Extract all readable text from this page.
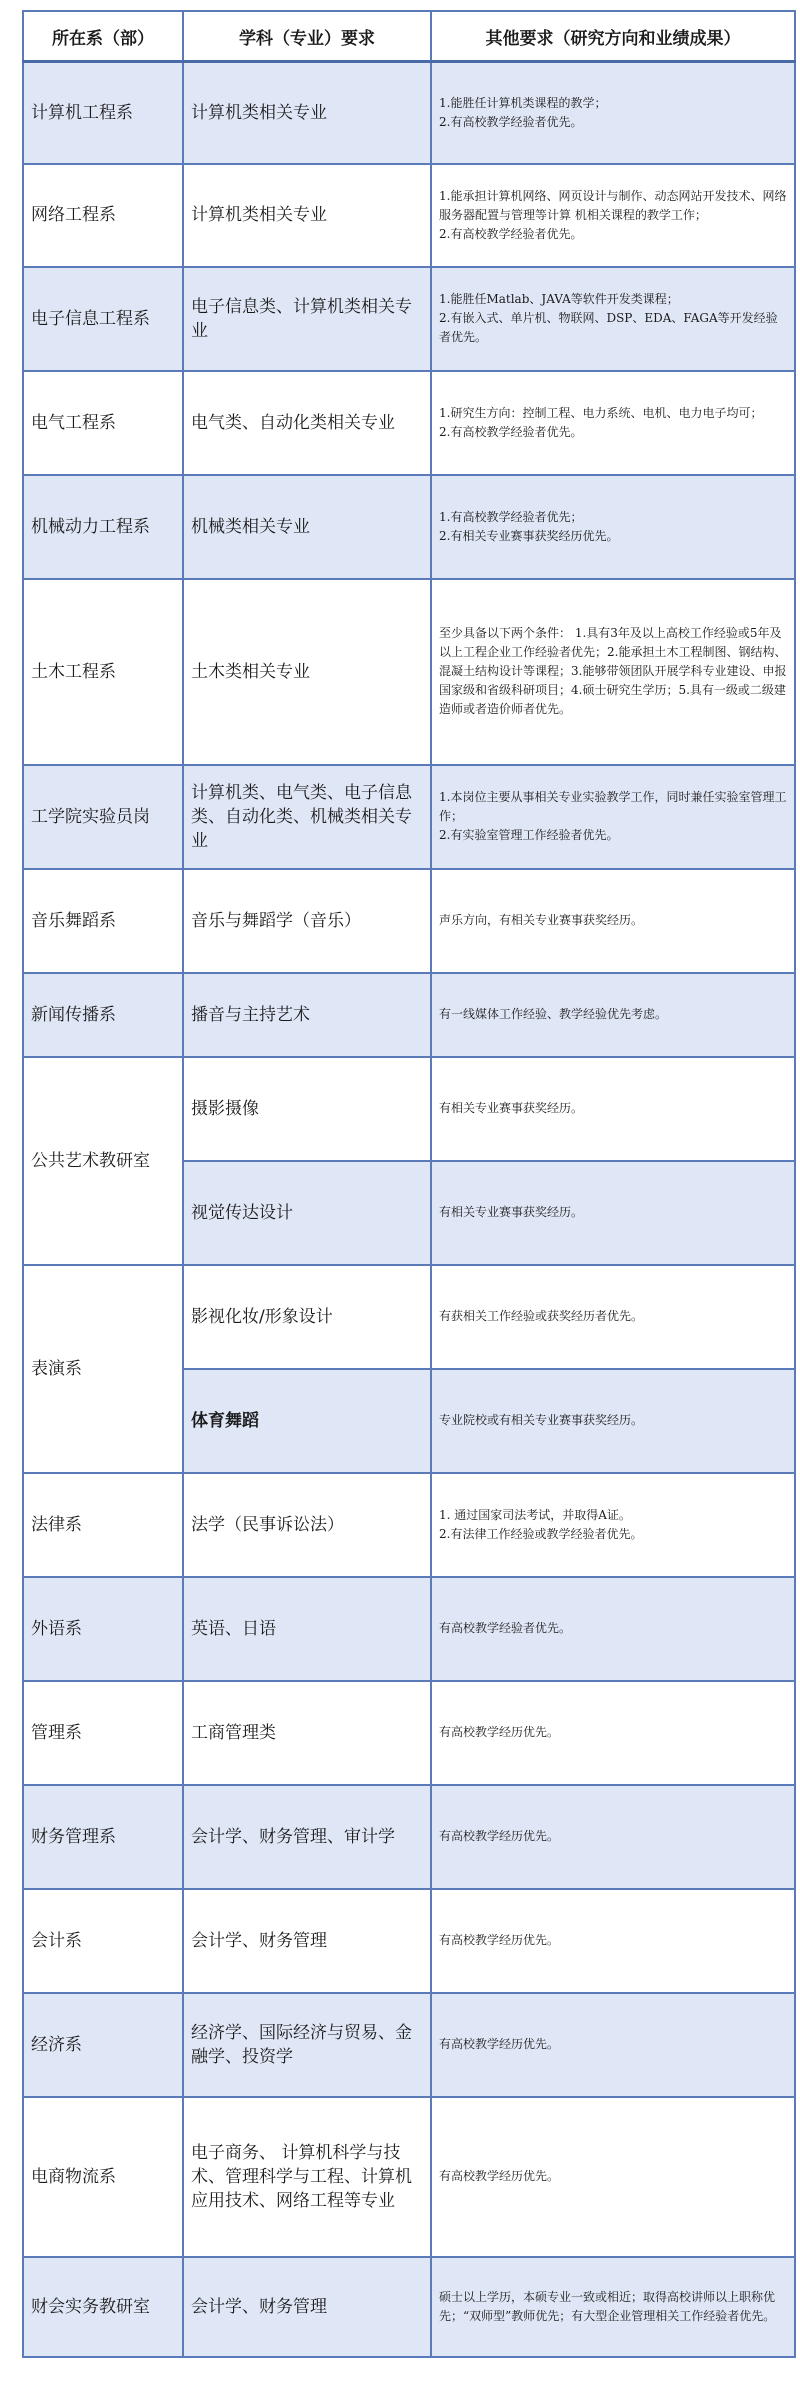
所在系（部）	学科（专业）要求	其他要求（研究方向和业绩成果）
计算机工程系	计算机类相关专业	1.能胜任计算机类课程的教学；
2.有高校教学经验者优先。

网络工程系	计算机类相关专业	1.能承担计算机网络、网页设计与制作、动态网站开发技术、网络服务器配置与管理等计算 机相关课程的教学工作；
2.有高校教学经验者优先。

电子信息工程系	电子信息类、计算机类相关专业	1.能胜任Matlab、JAVA等软件开发类课程；
2.有嵌入式、单片机、物联网、DSP、EDA、FAGA等开发经验者优先。

电气工程系	电气类、自动化类相关专业	1.研究生方向：控制工程、电力系统、电机、电力电子均可；
2.有高校教学经验者优先。

机械动力工程系	机械类相关专业	1.有高校教学经验者优先；
2.有相关专业赛事获奖经历优先。

土木工程系	土木类相关专业	至少具备以下两个条件： 1.具有3年及以上高校工作经验或5年及以上工程企业工作经验者优先；2.能承担土木工程制图、钢结构、混凝土结构设计等课程；3.能够带领团队开展学科专业建设、申报国家级和省级科研项目；4.硕士研究生学历；5.具有一级或二级建造师或者造价师者优先。

工学院实验员岗	计算机类、电气类、电子信息类、自动化类、机械类相关专业	1.本岗位主要从事相关专业实验教学工作，同时兼任实验室管理工作；
2.有实验室管理工作经验者优先。

音乐舞蹈系	音乐与舞蹈学（音乐）	声乐方向，有相关专业赛事获奖经历。

新闻传播系	播音与主持艺术	有一线媒体工作经验、教学经验优先考虑。

公共艺术教研室	摄影摄像	有相关专业赛事获奖经历。

	视觉传达设计	有相关专业赛事获奖经历。

表演系	影视化妆/形象设计	有获相关工作经验或获奖经历者优先。

	体育舞蹈	专业院校或有相关专业赛事获奖经历。

法律系	法学（民事诉讼法）	1. 通过国家司法考试，并取得A证。
2.有法律工作经验或教学经验者优先。

外语系	英语、日语	有高校教学经验者优先。

管理系	工商管理类	有高校教学经历优先。

财务管理系	会计学、财务管理、审计学	有高校教学经历优先。

会计系	会计学、财务管理	有高校教学经历优先。

经济系	经济学、国际经济与贸易、金融学、投资学	有高校教学经历优先。

电商物流系	电子商务、 计算机科学与技术、管理科学与工程、计算机应用技术、网络工程等专业	有高校教学经历优先。

财会实务教研室	会计学、财务管理	硕士以上学历，本硕专业一致或相近；取得高校讲师以上职称优先；“双师型”教师优先；有大型企业管理相关工作经验者优先。
